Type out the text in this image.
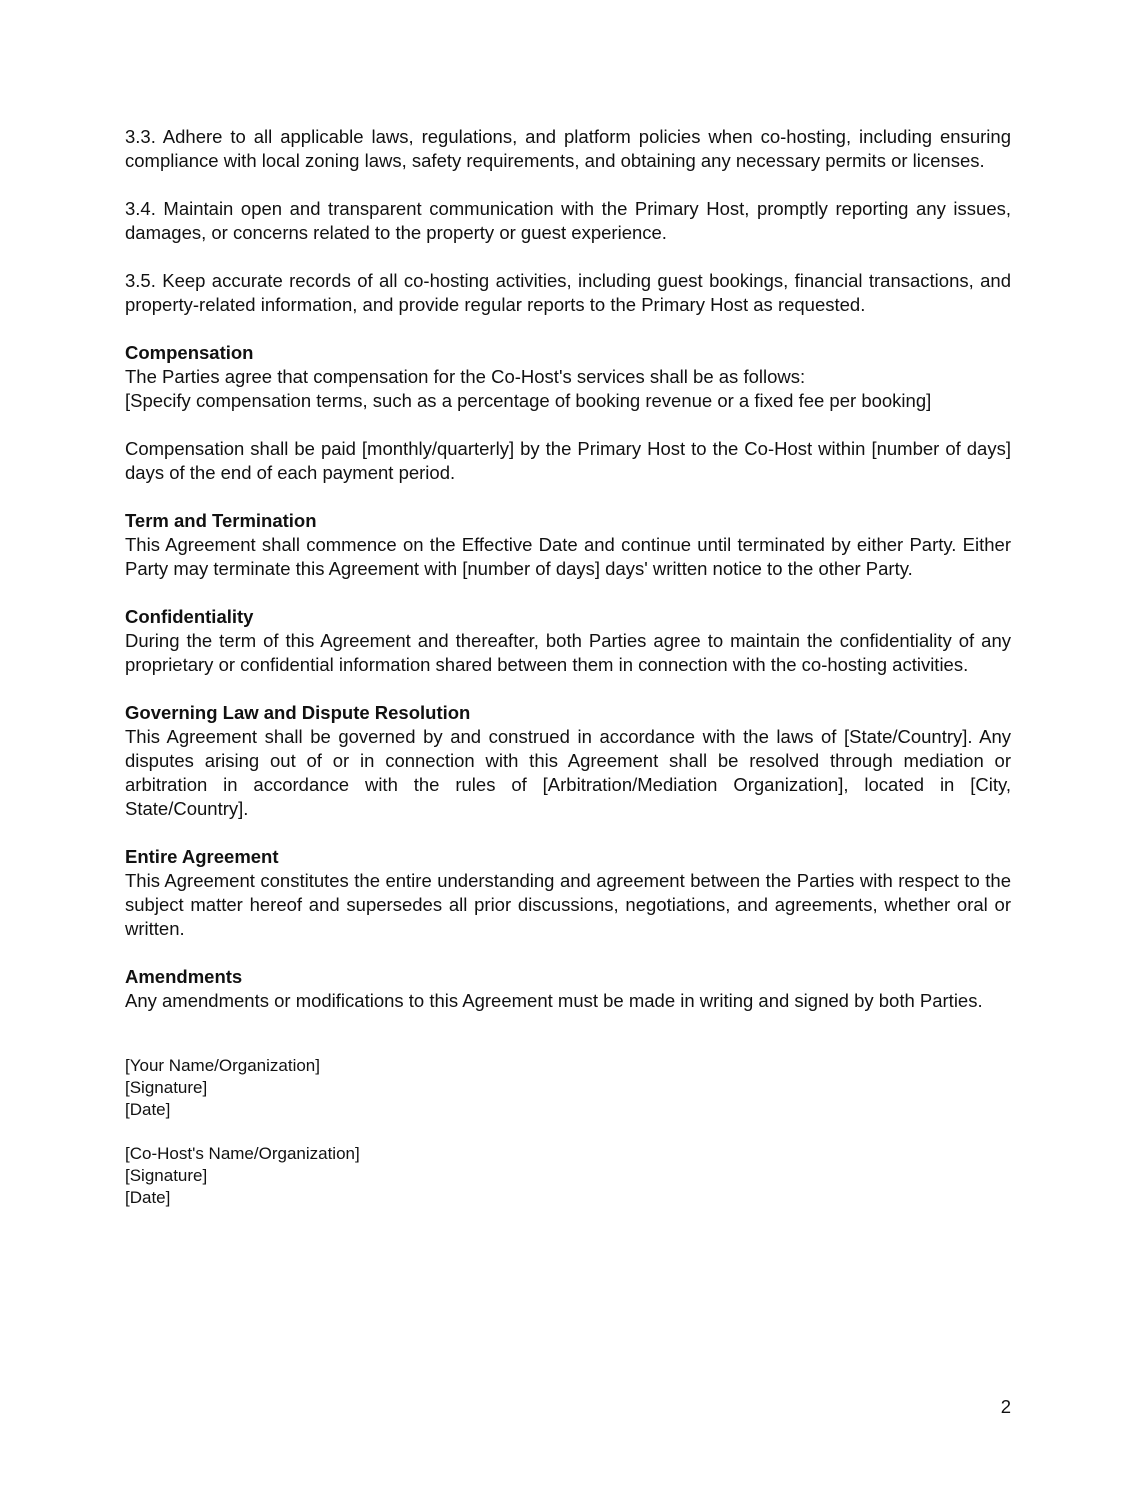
3.3. Adhere to all applicable laws, regulations, and platform policies when co-hosting, including ensuring compliance with local zoning laws, safety requirements, and obtaining any necessary permits or licenses.

3.4. Maintain open and transparent communication with the Primary Host, promptly reporting any issues, damages, or concerns related to the property or guest experience.

3.5. Keep accurate records of all co-hosting activities, including guest bookings, financial transactions, and property-related information, and provide regular reports to the Primary Host as requested.

Compensation

The Parties agree that compensation for the Co-Host's services shall be as follows:

[Specify compensation terms, such as a percentage of booking revenue or a fixed fee per booking]

Compensation shall be paid [monthly/quarterly] by the Primary Host to the Co-Host within [number of days] days of the end of each payment period.

Term and Termination

This Agreement shall commence on the Effective Date and continue until terminated by either Party. Either Party may terminate this Agreement with [number of days] days' written notice to the other Party.

Confidentiality

During the term of this Agreement and thereafter, both Parties agree to maintain the confidentiality of any proprietary or confidential information shared between them in connection with the co-hosting activities.

Governing Law and Dispute Resolution

This Agreement shall be governed by and construed in accordance with the laws of [State/Country]. Any disputes arising out of or in connection with this Agreement shall be resolved through mediation or arbitration in accordance with the rules of [Arbitration/Mediation Organization], located in [City, State/Country].

Entire Agreement

This Agreement constitutes the entire understanding and agreement between the Parties with respect to the subject matter hereof and supersedes all prior discussions, negotiations, and agreements, whether oral or written.

Amendments

Any amendments or modifications to this Agreement must be made in writing and signed by both Parties.

[Your Name/Organization]
[Signature]
[Date]
[Co-Host's Name/Organization]
[Signature]
[Date]
2
